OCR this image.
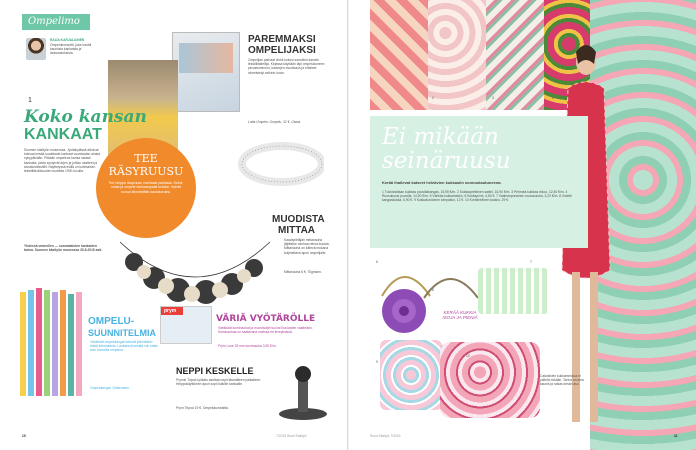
Ompelimo
RAIJA KARJALAINEN
Ompelukonsultti, joka nauttii kauniista kankaista ja lankaostoksista.
1
Koko kansan
KANKAAT
Suomen käsityön museossa, Jyväskylässä alkoivat tulevaa kesää kuvattavat kankaat vuosisadan alusta nykypäivään. Pitkään ompeleva kansa rakasti kankaita, joista syntyivät arjen ja juhlan vaatteet ja sisustustekstiilit. Näyttelyssä esillä on kotimaisen tekstiiliteollisuuden tuotteita 1900-luvulta.
Yhdessä ommellen — suomalaisten kankaiden tarina. Suomen käsityön museossa 30.8.2015 asti.
PAREMMAKSI
OMPELIJAKSI
Ompelijan parhaat vinkit kokosi samoihin kansiin tekstiilitaiteilija. Kirjassa käydään läpi ompelukoneen perustoiminnot, kaavojen muokkaus ja erilaiset viimeistelyt selkein kuvin.
Lotta Ompelu: Ompelu, 32 €. Otava.
TEE
RÄSYRUUSU
Tee helppo räsyruusu vanhasta paidasta. Solmi, rullaa ja ompele kankaanpalat kukiksi. Valmiit ruusut kiinnitetään kaulakoruksi.
MUODISTA
MITTAA
Kaavapiirtäjän mittanauha jäljittelee vanhaa retroa kuosia. Mittanauha on kätevä mukana kuljetettava apuri ompelijalle.
Mittanauha 6 €. Tilgmann.
OMPELU-
SUUNNITELMIA
Värikkäät ompelulangat tekevät pienistäkin töistä ilahduttavia. Lankakerä kestää niin käsin kuin koneella ompelua.
Ompelulangat, Gütermann.
prym
VÄRIÄ VYÖTÄRÖLLE
Värikkäät kuminauhat ja muovisoljet tuovat iloa lasten vaatteisiin. Kuminauhaa on saatavana useissa eri leveyksissä.
Prym Love 25 mm kuminauha 3,50 €/m.
NEPPI KESKELLE
Prymin Tripod-työkalu asettaa nepit täsmälleen paikalleen. Helppokäyttöinen apuri sopii kaikille kankaille.
Prym Tripod 19 €. Ompelukoneaitta.
10	7/2015 Suuri Käsityö
2	3	4
Ei mikään
seinäruusu
Kerää ihailevat katseet heleävien kukkasiin sonnustautuneena.
1 Tuotoksiltaan kukikas puuvillakangas, 15,95 €/m. 2 Suklaaprinttinen satiini, 16,90 €/m. 3 Pehmeä kukikas trikoo, 12,50 €/m. 4 Ruusukuosi puuvilla, 14,90 €/m. 5 Värikäs kukkamekko. 6 Kukkapinni, 4,50 €. 7 Vaaleanpunainen ruusunauha, 3,20 €/m. 8 Violetti kangaskukka, 6,90 €. 9 Kukkakuvioinen lompakko, 12 €. 10 Koristeellinen laukku, 29 €.
6
8
KERÄÄ KUKKIA ISOJA JA PIENIÄ
7
9
10
Catwalkien kukkamekkoa ei päihitä mikään. Tarina on aina kaunis ja raikas kesän asu.
Suuri Käsityö 7/2015	11
